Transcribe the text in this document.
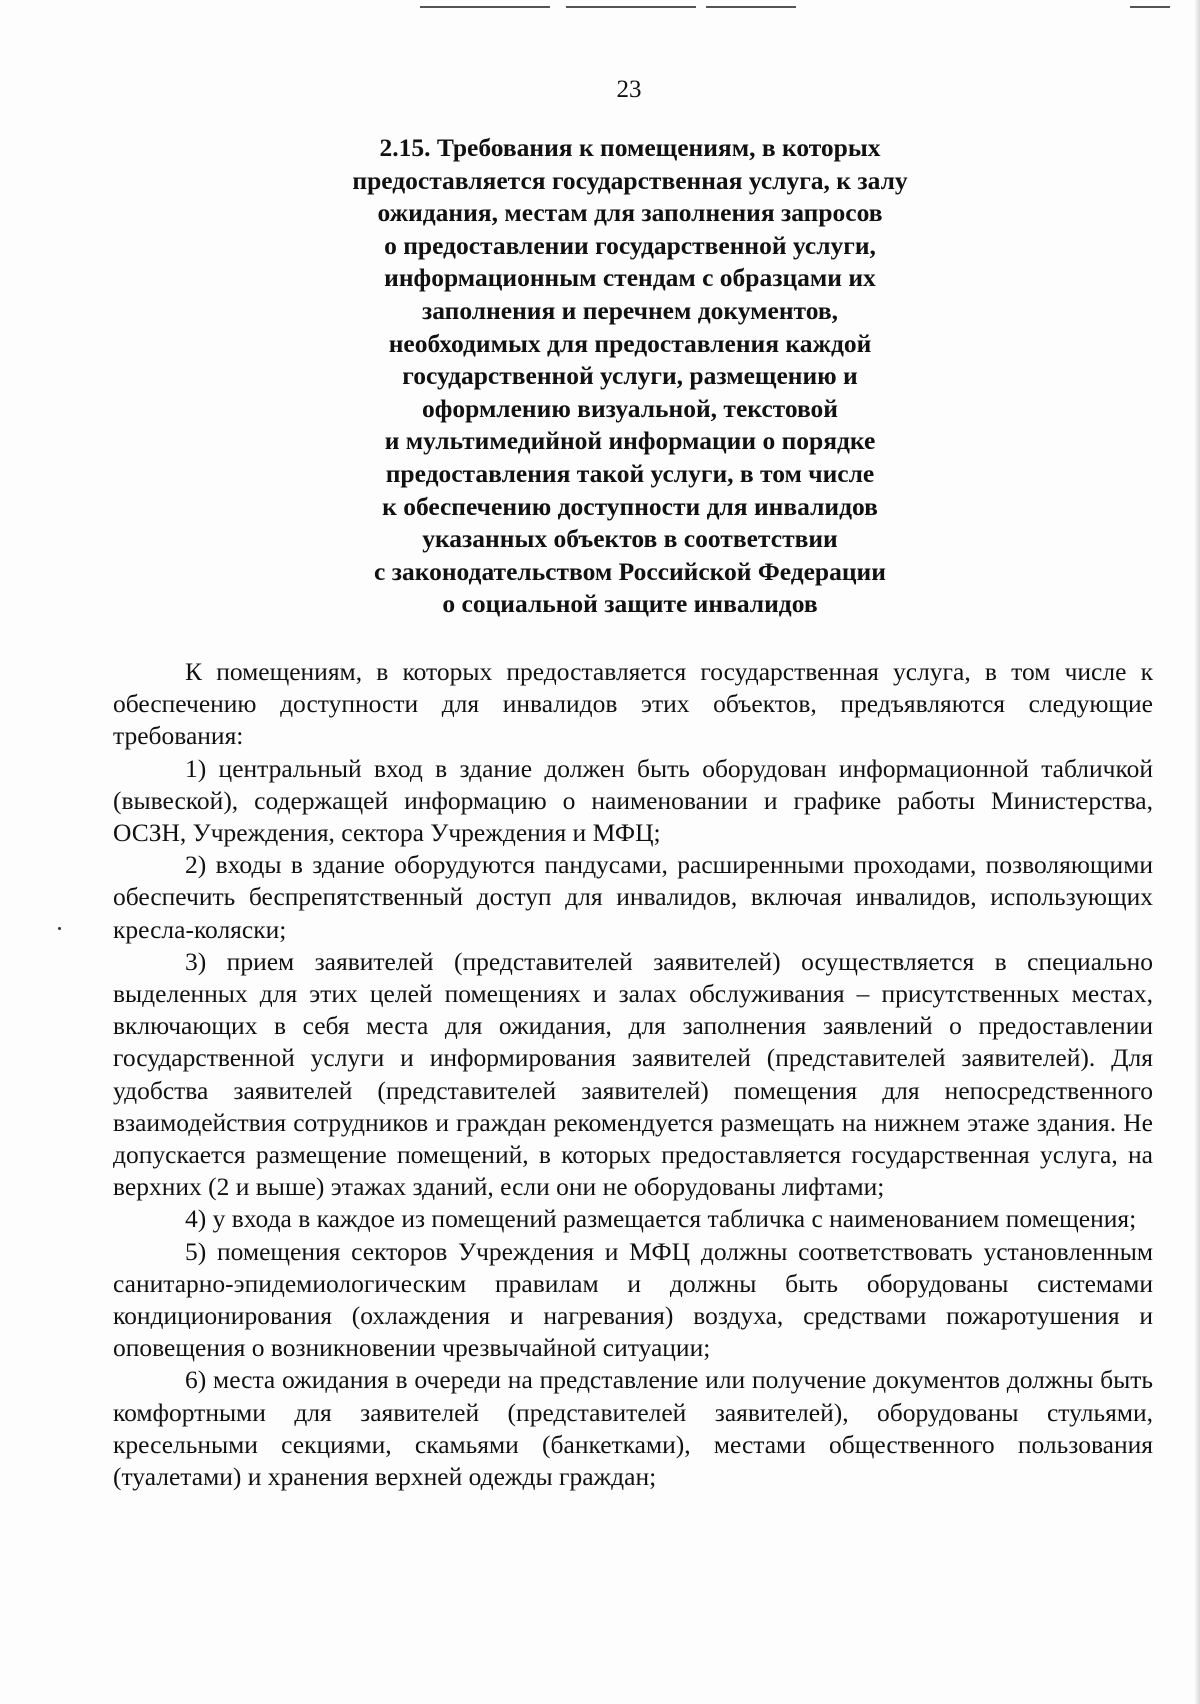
23
2.15. Требования к помещениям, в которых
предоставляется государственная услуга, к залу
ожидания, местам для заполнения запросов
о предоставлении государственной услуги,
информационным стендам с образцами их
заполнения и перечнем документов,
необходимых для предоставления каждой
государственной услуги, размещению и
оформлению визуальной, текстовой
и мультимедийной информации о порядке
предоставления такой услуги, в том числе
к обеспечению доступности для инвалидов
указанных объектов в соответствии
с законодательством Российской Федерации
о социальной защите инвалидов

К помещениям, в которых предоставляется государственная услуга, в том числе к обеспечению доступности для инвалидов этих объектов, предъявляются следующие требования:

1) центральный вход в здание должен быть оборудован информационной табличкой (вывеской), содержащей информацию о наименовании и графике работы Министерства, ОСЗН, Учреждения, сектора Учреждения и МФЦ;

2) входы в здание оборудуются пандусами, расширенными проходами, позволяющими обеспечить беспрепятственный доступ для инвалидов, включая инвалидов, использующих кресла-коляски;

3) прием заявителей (представителей заявителей) осуществляется в специально выделенных для этих целей помещениях и залах обслуживания – присутственных местах, включающих в себя места для ожидания, для заполнения заявлений о предоставлении государственной услуги и информирования заявителей (представителей заявителей). Для удобства заявителей (представителей заявителей) помещения для непосредственного взаимодействия сотрудников и граждан рекомендуется размещать на нижнем этаже здания. Не допускается размещение помещений, в которых предоставляется государственная услуга, на верхних (2 и выше) этажах зданий, если они не оборудованы лифтами;

4) у входа в каждое из помещений размещается табличка с наименованием помещения;

5) помещения секторов Учреждения и МФЦ должны соответствовать установленным санитарно-эпидемиологическим правилам и должны быть оборудованы системами кондиционирования (охлаждения и нагревания) воздуха, средствами пожаротушения и оповещения о возникновении чрезвычайной ситуации;

6) места ожидания в очереди на представление или получение документов должны быть комфортными для заявителей (представителей заявителей), оборудованы стульями, кресельными секциями, скамьями (банкетками), местами общественного пользования (туалетами) и хранения верхней одежды граждан;
